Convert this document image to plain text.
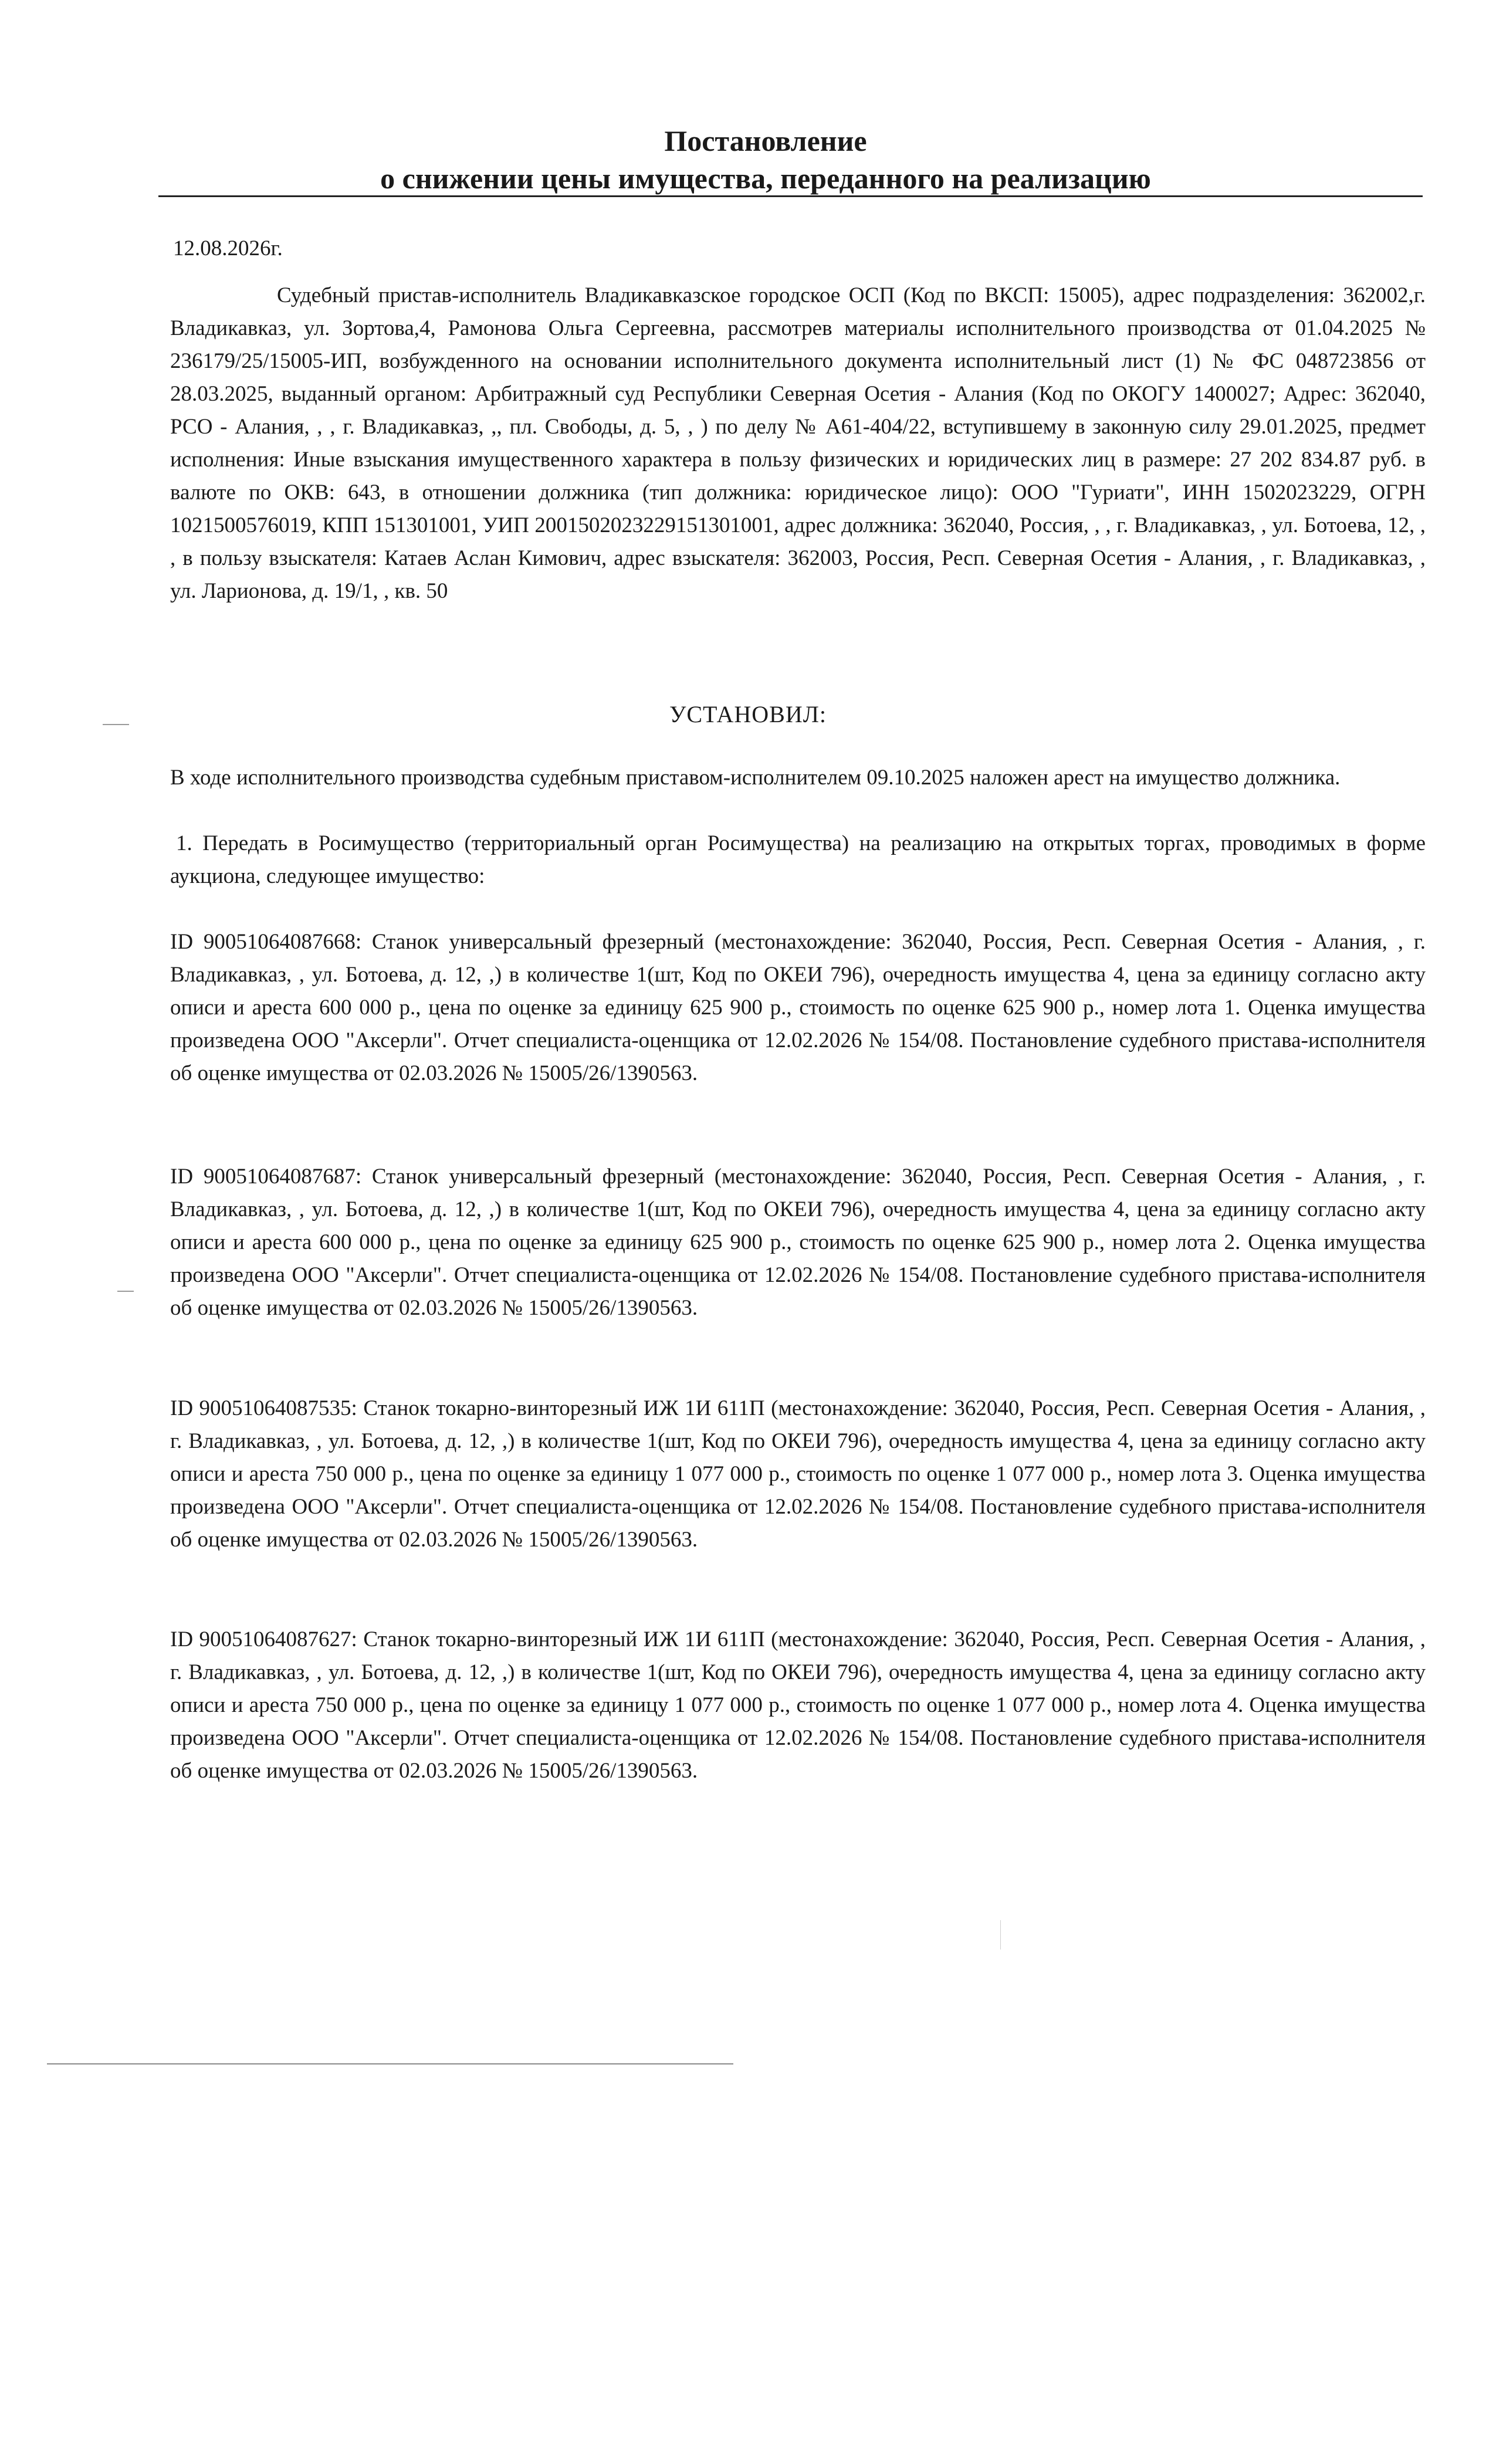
Постановление
о снижении цены имущества, переданного на реализацию
12.08.2026г.

Судебный пристав-исполнитель Владикавказское городское ОСП (Код по ВКСП: 15005), адрес подразделения: 362002,г. Владикавказ, ул. Зортова,4, Рамонова Ольга Сергеевна, рассмотрев материалы исполнительного производства от 01.04.2025 № 236179/25/15005-ИП, возбужденного на основании исполнительного документа исполнительный лист (1) № ФС 048723856 от 28.03.2025, выданный органом: Арбитражный суд Республики Северная Осетия - Алания (Код по ОКОГУ 1400027; Адрес: 362040, РСО - Алания, , , г. Владикавказ, ,, пл. Свободы, д. 5, , ) по делу № А61-404/22, вступившему в законную силу 29.01.2025, предмет исполнения: Иные взыскания имущественного характера в пользу физических и юридических лиц в размере: 27 202 834.87 руб. в валюте по ОКВ: 643, в отношении должника (тип должника: юридическое лицо): ООО "Гуриати", ИНН 1502023229, ОГРН 1021500576019, КПП 151301001, УИП 2001502023229151301001, адрес должника: 362040, Россия, , , г. Владикавказ, , ул. Ботоева, 12, , , в пользу взыскателя: Катаев Аслан Кимович, адрес взыскателя: 362003, Россия, Респ. Северная Осетия - Алания, , г. Владикавказ, , ул. Ларионова, д. 19/1, , кв. 50

УСТАНОВИЛ:

В ходе исполнительного производства судебным приставом-исполнителем 09.10.2025 наложен арест на имущество должника.

1. Передать в Росимущество (территориальный орган Росимущества) на реализацию на открытых торгах, проводимых в форме аукциона, следующее имущество:

ID 90051064087668: Станок универсальный фрезерный (местонахождение: 362040, Россия, Респ. Северная Осетия - Алания, , г. Владикавказ, , ул. Ботоева, д. 12, ,) в количестве 1(шт, Код по ОКЕИ 796), очередность имущества 4, цена за единицу согласно акту описи и ареста 600 000 р., цена по оценке за единицу 625 900 р., стоимость по оценке 625 900 р., номер лота 1. Оценка имущества произведена ООО "Аксерли". Отчет специалиста-оценщика от 12.02.2026 № 154/08. Постановление судебного пристава-исполнителя об оценке имущества от 02.03.2026 № 15005/26/1390563.

ID 90051064087687: Станок универсальный фрезерный (местонахождение: 362040, Россия, Респ. Северная Осетия - Алания, , г. Владикавказ, , ул. Ботоева, д. 12, ,) в количестве 1(шт, Код по ОКЕИ 796), очередность имущества 4, цена за единицу согласно акту описи и ареста 600 000 р., цена по оценке за единицу 625 900 р., стоимость по оценке 625 900 р., номер лота 2. Оценка имущества произведена ООО "Аксерли". Отчет специалиста-оценщика от 12.02.2026 № 154/08. Постановление судебного пристава-исполнителя об оценке имущества от 02.03.2026 № 15005/26/1390563.

ID 90051064087535: Станок токарно-винторезный ИЖ 1И 611П (местонахождение: 362040, Россия, Респ. Северная Осетия - Алания, , г. Владикавказ, , ул. Ботоева, д. 12, ,) в количестве 1(шт, Код по ОКЕИ 796), очередность имущества 4, цена за единицу согласно акту описи и ареста 750 000 р., цена по оценке за единицу 1 077 000 р., стоимость по оценке 1 077 000 р., номер лота 3. Оценка имущества произведена ООО "Аксерли". Отчет специалиста-оценщика от 12.02.2026 № 154/08. Постановление судебного пристава-исполнителя об оценке имущества от 02.03.2026 № 15005/26/1390563.

ID 90051064087627: Станок токарно-винторезный ИЖ 1И 611П (местонахождение: 362040, Россия, Респ. Северная Осетия - Алания, , г. Владикавказ, , ул. Ботоева, д. 12, ,) в количестве 1(шт, Код по ОКЕИ 796), очередность имущества 4, цена за единицу согласно акту описи и ареста 750 000 р., цена по оценке за единицу 1 077 000 р., стоимость по оценке 1 077 000 р., номер лота 4. Оценка имущества произведена ООО "Аксерли". Отчет специалиста-оценщика от 12.02.2026 № 154/08. Постановление судебного пристава-исполнителя об оценке имущества от 02.03.2026 № 15005/26/1390563.
